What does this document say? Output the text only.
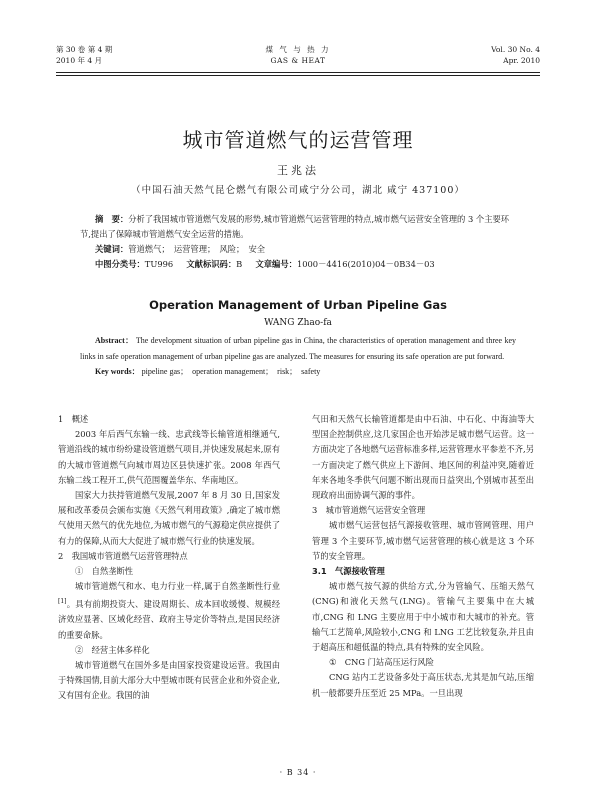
第 30 卷 第 4 期
2010 年 4 月
煤 气 与 热 力
GAS & HEAT
Vol. 30 No. 4
Apr. 2010
城市管道燃气的运营管理
王兆法
（中国石油天然气昆仑燃气有限公司咸宁分公司，湖北 咸宁 437100）

摘　要：分析了我国城市管道燃气发展的形势,城市管道燃气运营管理的特点,城市燃气运营安全管理的 3 个主要环节,提出了保障城市管道燃气安全运营的措施。

关键词：管道燃气；　运营管理；　风险；　安全

中图分类号：TU996 文献标识码：B 文章编号：1000－4416(2010)04－0B34－03

Operation Management of Urban Pipeline Gas
WANG Zhao-fa

Abstract： The development situation of urban pipeline gas in China, the characteristics of operation management and three key links in safe operation management of urban pipeline gas are analyzed. The measures for ensuring its safe operation are put forward.

Key words： pipeline gas；　operation management；　risk；　safety

1　概述

2003 年后西气东输一线、忠武线等长输管道相继通气,管道沿线的城市纷纷建设管道燃气项目,并快速发展起来,原有的大城市管道燃气向城市周边区县快速扩张。2008 年西气东输二线工程开工,供气范围覆盖华东、华南地区。

国家大力扶持管道燃气发展,2007 年 8 月 30 日,国家发展和改革委员会颁布实施《天然气利用政策》,确定了城市燃气使用天然气的优先地位,为城市燃气的气源稳定供应提供了有力的保障,从而大大促进了城市燃气行业的快速发展。

2　我国城市管道燃气运营管理特点

①　自然垄断性

城市管道燃气和水、电力行业一样,属于自然垄断性行业[1]。具有前期投资大、建设周期长、成本回收缓慢、规模经济效应显著、区域化经营、政府主导定价等特点,是国民经济的重要命脉。

②　经营主体多样化

城市管道燃气在国外多是由国家投资建设运营。我国由于特殊国情,目前大部分大中型城市既有民营企业和外资企业,又有国有企业。我国的油

气田和天然气长输管道都是由中石油、中石化、中海油等大型国企控制供应,这几家国企也开始涉足城市燃气运营。这一方面决定了各地燃气运营标准多样,运营管理水平参差不齐,另一方面决定了燃气供应上下游间、地区间的利益冲突,随着近年来各地冬季供气问题不断出现而日益突出,个别城市甚至出现政府出面协调气源的事件。

3　城市管道燃气运营安全管理

城市燃气运营包括气源接收管理、城市管网管理、用户管理 3 个主要环节,城市燃气运营管理的核心就是这 3 个环节的安全管理。

3.1　气源接收管理

城市燃气按气源的供给方式,分为管输气、压缩天然气(CNG)和液化天然气(LNG)。管输气主要集中在大城市,CNG 和 LNG 主要应用于中小城市和大城市的补充。管输气工艺简单,风险较小,CNG 和 LNG 工艺比较复杂,并且由于超高压和超低温的特点,具有特殊的安全风险。

①　CNG 门站高压运行风险

CNG 站内工艺设备多处于高压状态,尤其是加气站,压缩机一般都要升压至近 25 MPa。一旦出现

· B 34 ·
